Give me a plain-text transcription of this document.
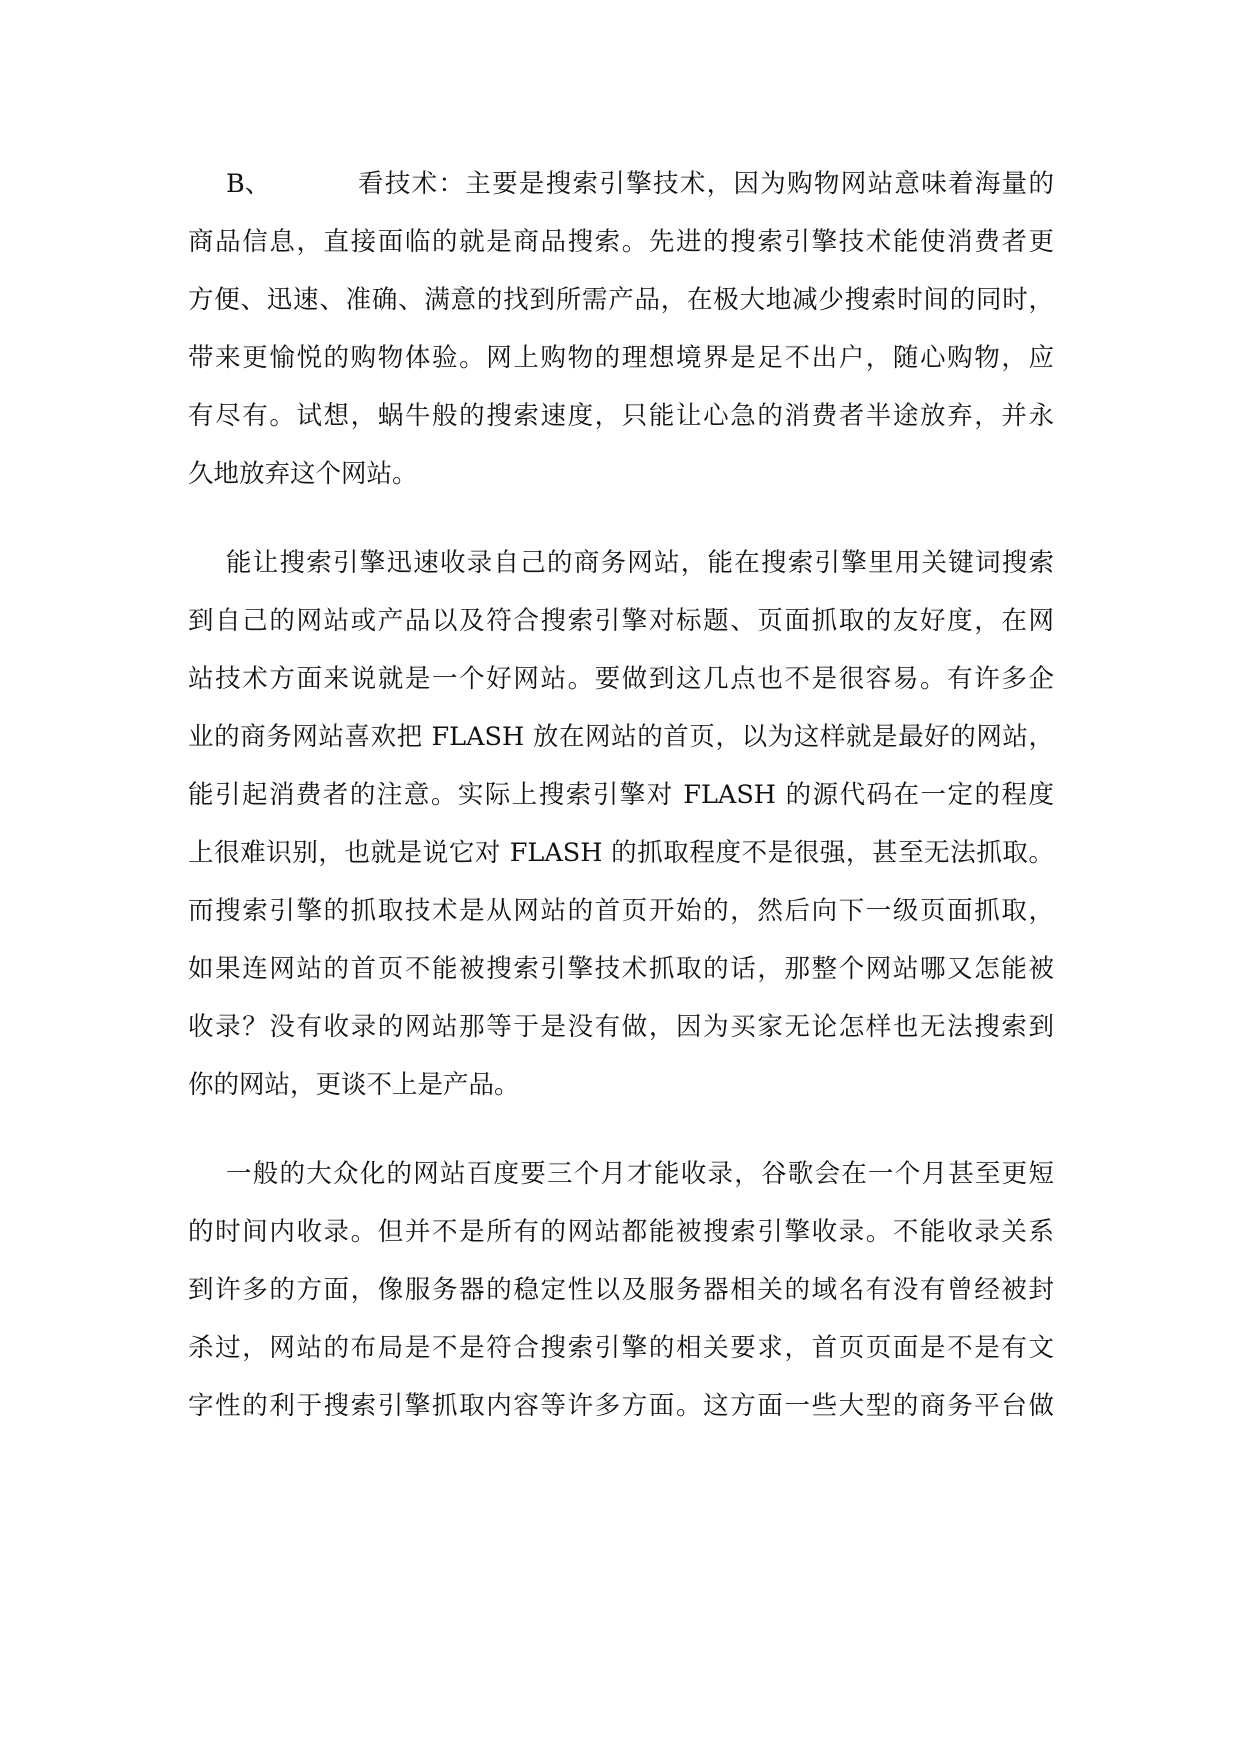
B、	看技术：主要是搜索引擎技术，因为购物网站意味着海量的
商品信息，直接面临的就是商品搜索。先进的搜索引擎技术能使消费者更
方便、迅速、准确、满意的找到所需产品，在极大地减少搜索时间的同时，
带来更愉悦的购物体验。网上购物的理想境界是足不出户，随心购物，应
有尽有。试想，蜗牛般的搜索速度，只能让心急的消费者半途放弃，并永
久地放弃这个网站。
能让搜索引擎迅速收录自己的商务网站，能在搜索引擎里用关键词搜索
到自己的网站或产品以及符合搜索引擎对标题、页面抓取的友好度，在网
站技术方面来说就是一个好网站。要做到这几点也不是很容易。有许多企
业的商务网站喜欢把 FLASH 放在网站的首页，以为这样就是最好的网站，
能引起消费者的注意。实际上搜索引擎对 FLASH 的源代码在一定的程度
上很难识别，也就是说它对 FLASH 的抓取程度不是很强，甚至无法抓取。
而搜索引擎的抓取技术是从网站的首页开始的，然后向下一级页面抓取，
如果连网站的首页不能被搜索引擎技术抓取的话，那整个网站哪又怎能被
收录？没有收录的网站那等于是没有做，因为买家无论怎样也无法搜索到
你的网站，更谈不上是产品。
一般的大众化的网站百度要三个月才能收录，谷歌会在一个月甚至更短
的时间内收录。但并不是所有的网站都能被搜索引擎收录。不能收录关系
到许多的方面，像服务器的稳定性以及服务器相关的域名有没有曾经被封
杀过，网站的布局是不是符合搜索引擎的相关要求，首页页面是不是有文
字性的利于搜索引擎抓取内容等许多方面。这方面一些大型的商务平台做
